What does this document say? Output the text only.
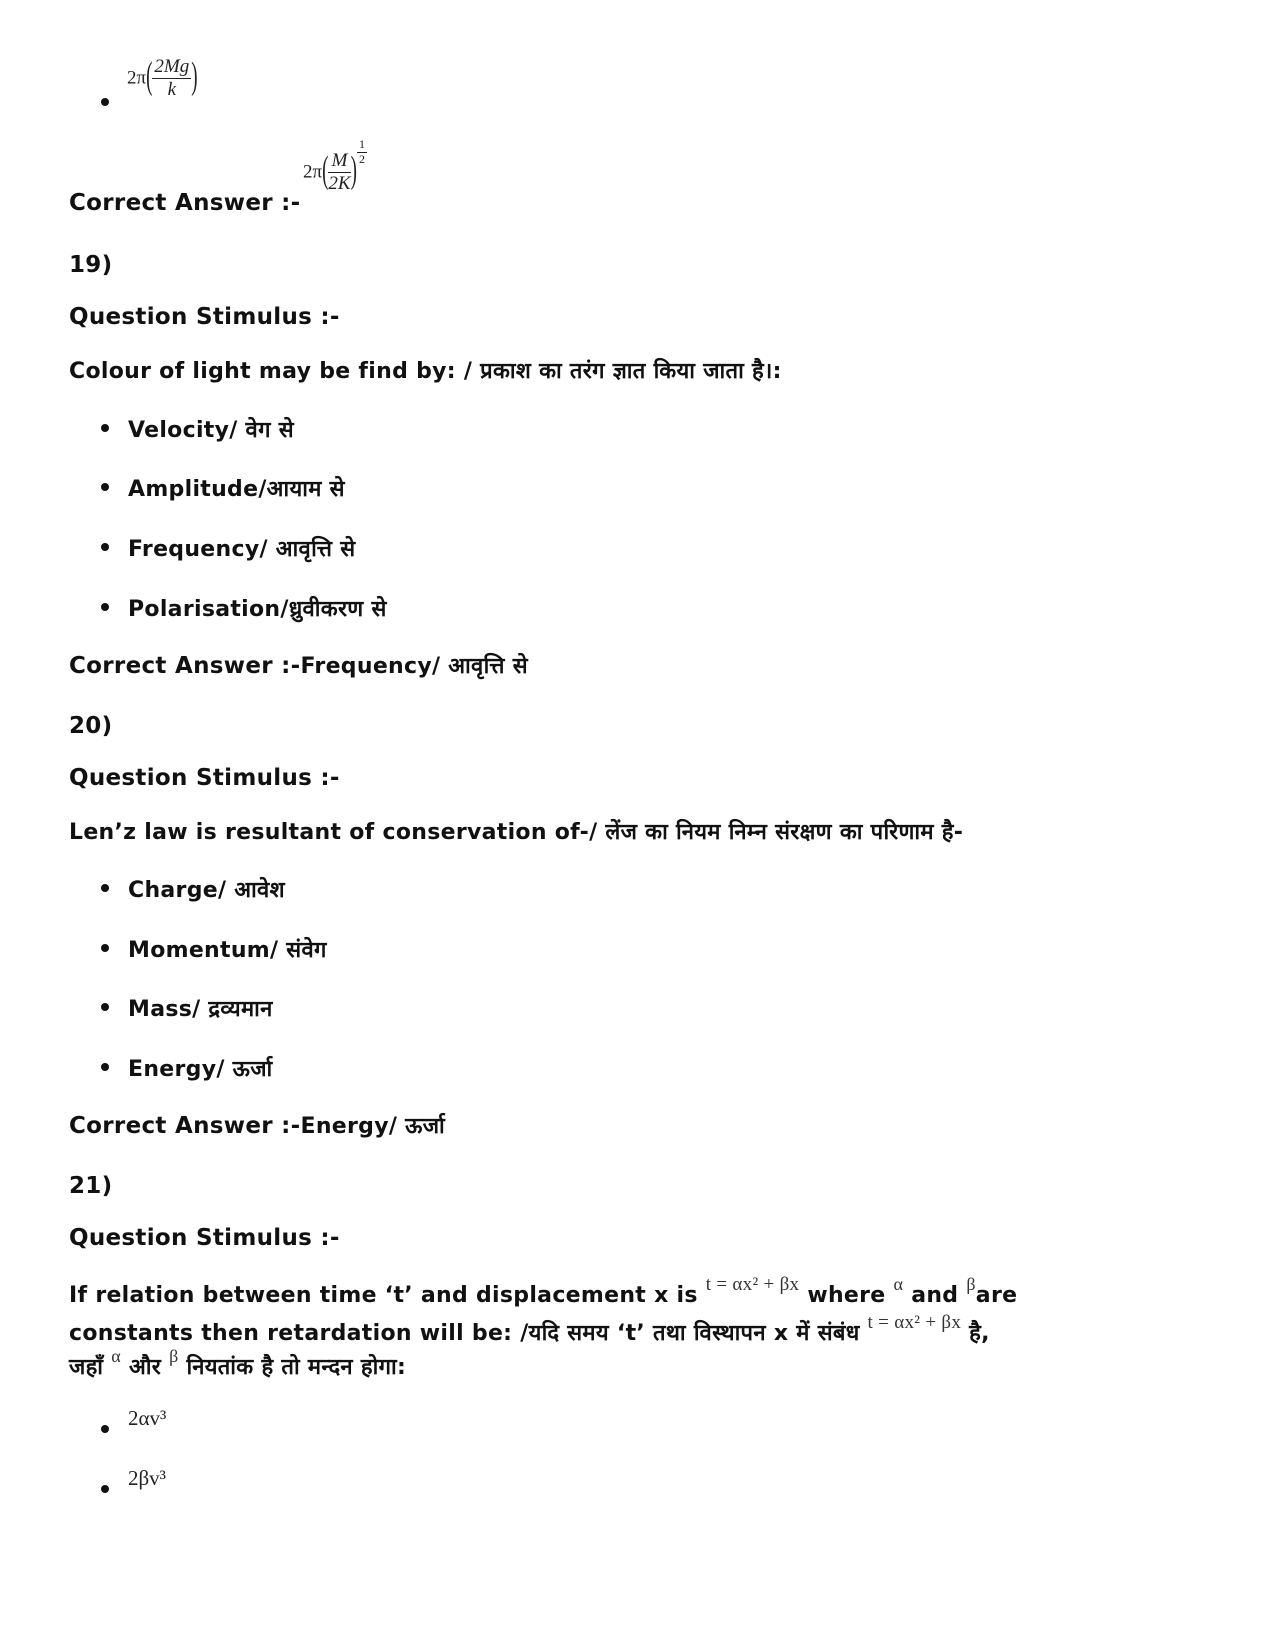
$2\pi( \frac{2Mg}{k}$ )
Correct Answer :-
$2\pi( \frac{M}{2K}$ ) $\frac{1}{2}$
19)
Question Stimulus :-
Colour of light may be find by: / प्रकाश का तरंग ज्ञात किया जाता है।:
Velocity/ वेग से
Amplitude/आयाम से
Frequency/ आवृत्ति से
Polarisation/ध्रुवीकरण से
Correct Answer :-Frequency/ आवृत्ति से
20)
Question Stimulus :-
Len’z law is resultant of conservation of-/ लेंज का नियम निम्न संरक्षण का परिणाम है-
Charge/ आवेश
Momentum/ संवेग
Mass/ द्रव्यमान
Energy/ ऊर्जा
Correct Answer :-Energy/ ऊर्जा
21)
Question Stimulus :-
If relation between time ‘t’ and displacement x is t = αx² + βx where $^\alpha$ and $^\beta$are
constants then retardation will be: /यदि समय ‘t’ तथा विस्थापन x में संबंध t = αx² + βx है,
जहाँ $^\alpha$ और $^\beta$ नियतांक है तो मन्दन होगा:
2αv³
2βv³
